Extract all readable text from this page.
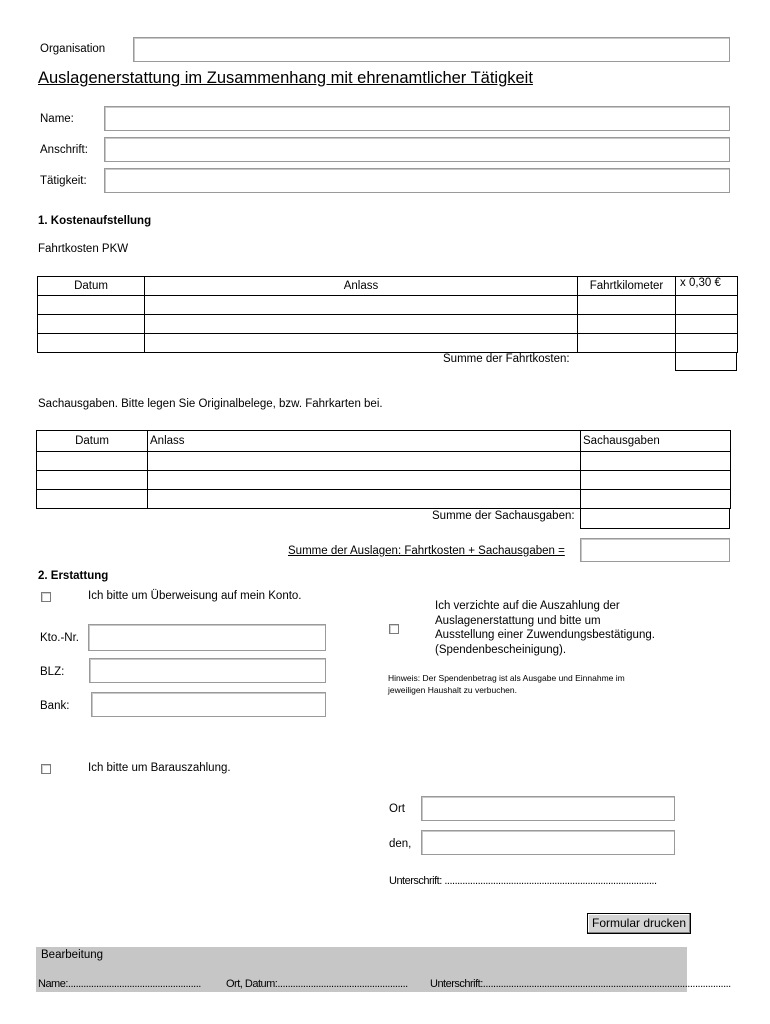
Organisation
Auslagenerstattung im Zusammenhang mit ehrenamtlicher Tätigkeit
Name:
Anschrift:
Tätigkeit:
1. Kostenaufstellung
Fahrtkosten PKW
Datum	Anlass	Fahrtkilometer	x 0,30 €

Summe der Fahrtkosten:
Sachausgaben. Bitte legen Sie Originalbelege, bzw. Fahrkarten bei.
Datum	Anlass	Sachausgaben

Summe der Sachausgaben:
Summe der Auslagen: Fahrtkosten + Sachausgaben =
2. Erstattung
Ich bitte um Überweisung auf mein Konto.
Kto.-Nr.
BLZ:
Bank:
Ich verzichte auf die Auszahlung der
Auslagenerstattung und bitte um
Ausstellung einer Zuwendungsbestätigung.
(Spendenbescheinigung).
Hinweis: Der Spendenbetrag ist als Ausgabe und Einnahme im
jeweiligen Haushalt zu verbuchen.
Ich bitte um Barauszahlung.
Ort
den,
Unterschrift: ...................................................................................
Formular drucken
Bearbeitung
Name:.................................................... Ort, Datum:................................................... Unterschrift:.................................................................................................
